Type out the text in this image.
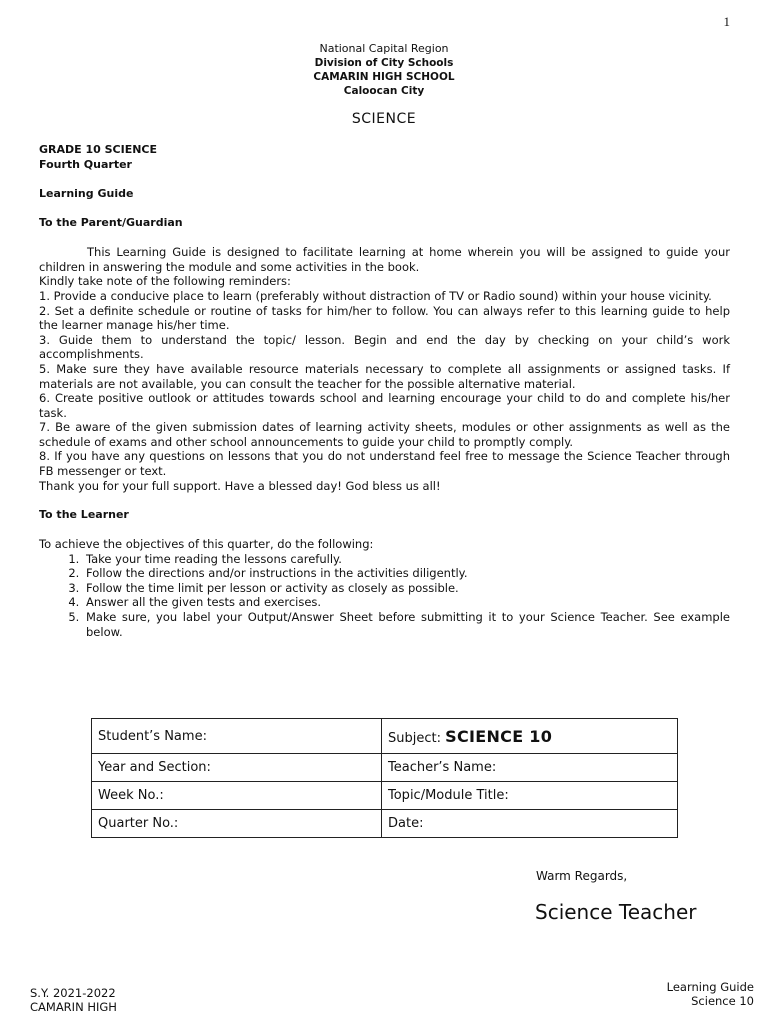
1
National Capital Region
Division of City Schools
CAMARIN HIGH SCHOOL
Caloocan City
SCIENCE

GRADE 10 SCIENCE

Fourth Quarter

Learning Guide

To the Parent/Guardian

This Learning Guide is designed to facilitate learning at home wherein you will be assigned to guide your children in answering the module and some activities in the book.

Kindly take note of the following reminders:

1. Provide a conducive place to learn (preferably without distraction of TV or Radio sound) within your house vicinity.

2. Set a definite schedule or routine of tasks for him/her to follow. You can always refer to this learning guide to help the learner manage his/her time.

3. Guide them to understand the topic/ lesson. Begin and end the day by checking on your child’s work accomplishments.

5. Make sure they have available resource materials necessary to complete all assignments or assigned tasks. If materials are not available, you can consult the teacher for the possible alternative material.

6. Create positive outlook or attitudes towards school and learning encourage your child to do and complete his/her task.

7. Be aware of the given submission dates of learning activity sheets, modules or other assignments as well as the schedule of exams and other school announcements to guide your child to promptly comply.

8. If you have any questions on lessons that you do not understand feel free to message the Science Teacher through FB messenger or text.

Thank you for your full support. Have a blessed day! God bless us all!

To the Learner

To achieve the objectives of this quarter, do the following:

1. Take your time reading the lessons carefully.
2. Follow the directions and/or instructions in the activities diligently.
3. Follow the time limit per lesson or activity as closely as possible.
4. Answer all the given tests and exercises.
5. Make sure, you label your Output/Answer Sheet before submitting it to your Science Teacher. See example below.
Student’s Name:	Subject: SCIENCE 10
Year and Section:	Teacher’s Name:
Week No.:	Topic/Module Title:
Quarter No.:	Date:
Warm Regards,
Science Teacher
S.Y. 2021-2022
CAMARIN HIGH
Learning Guide
Science 10
